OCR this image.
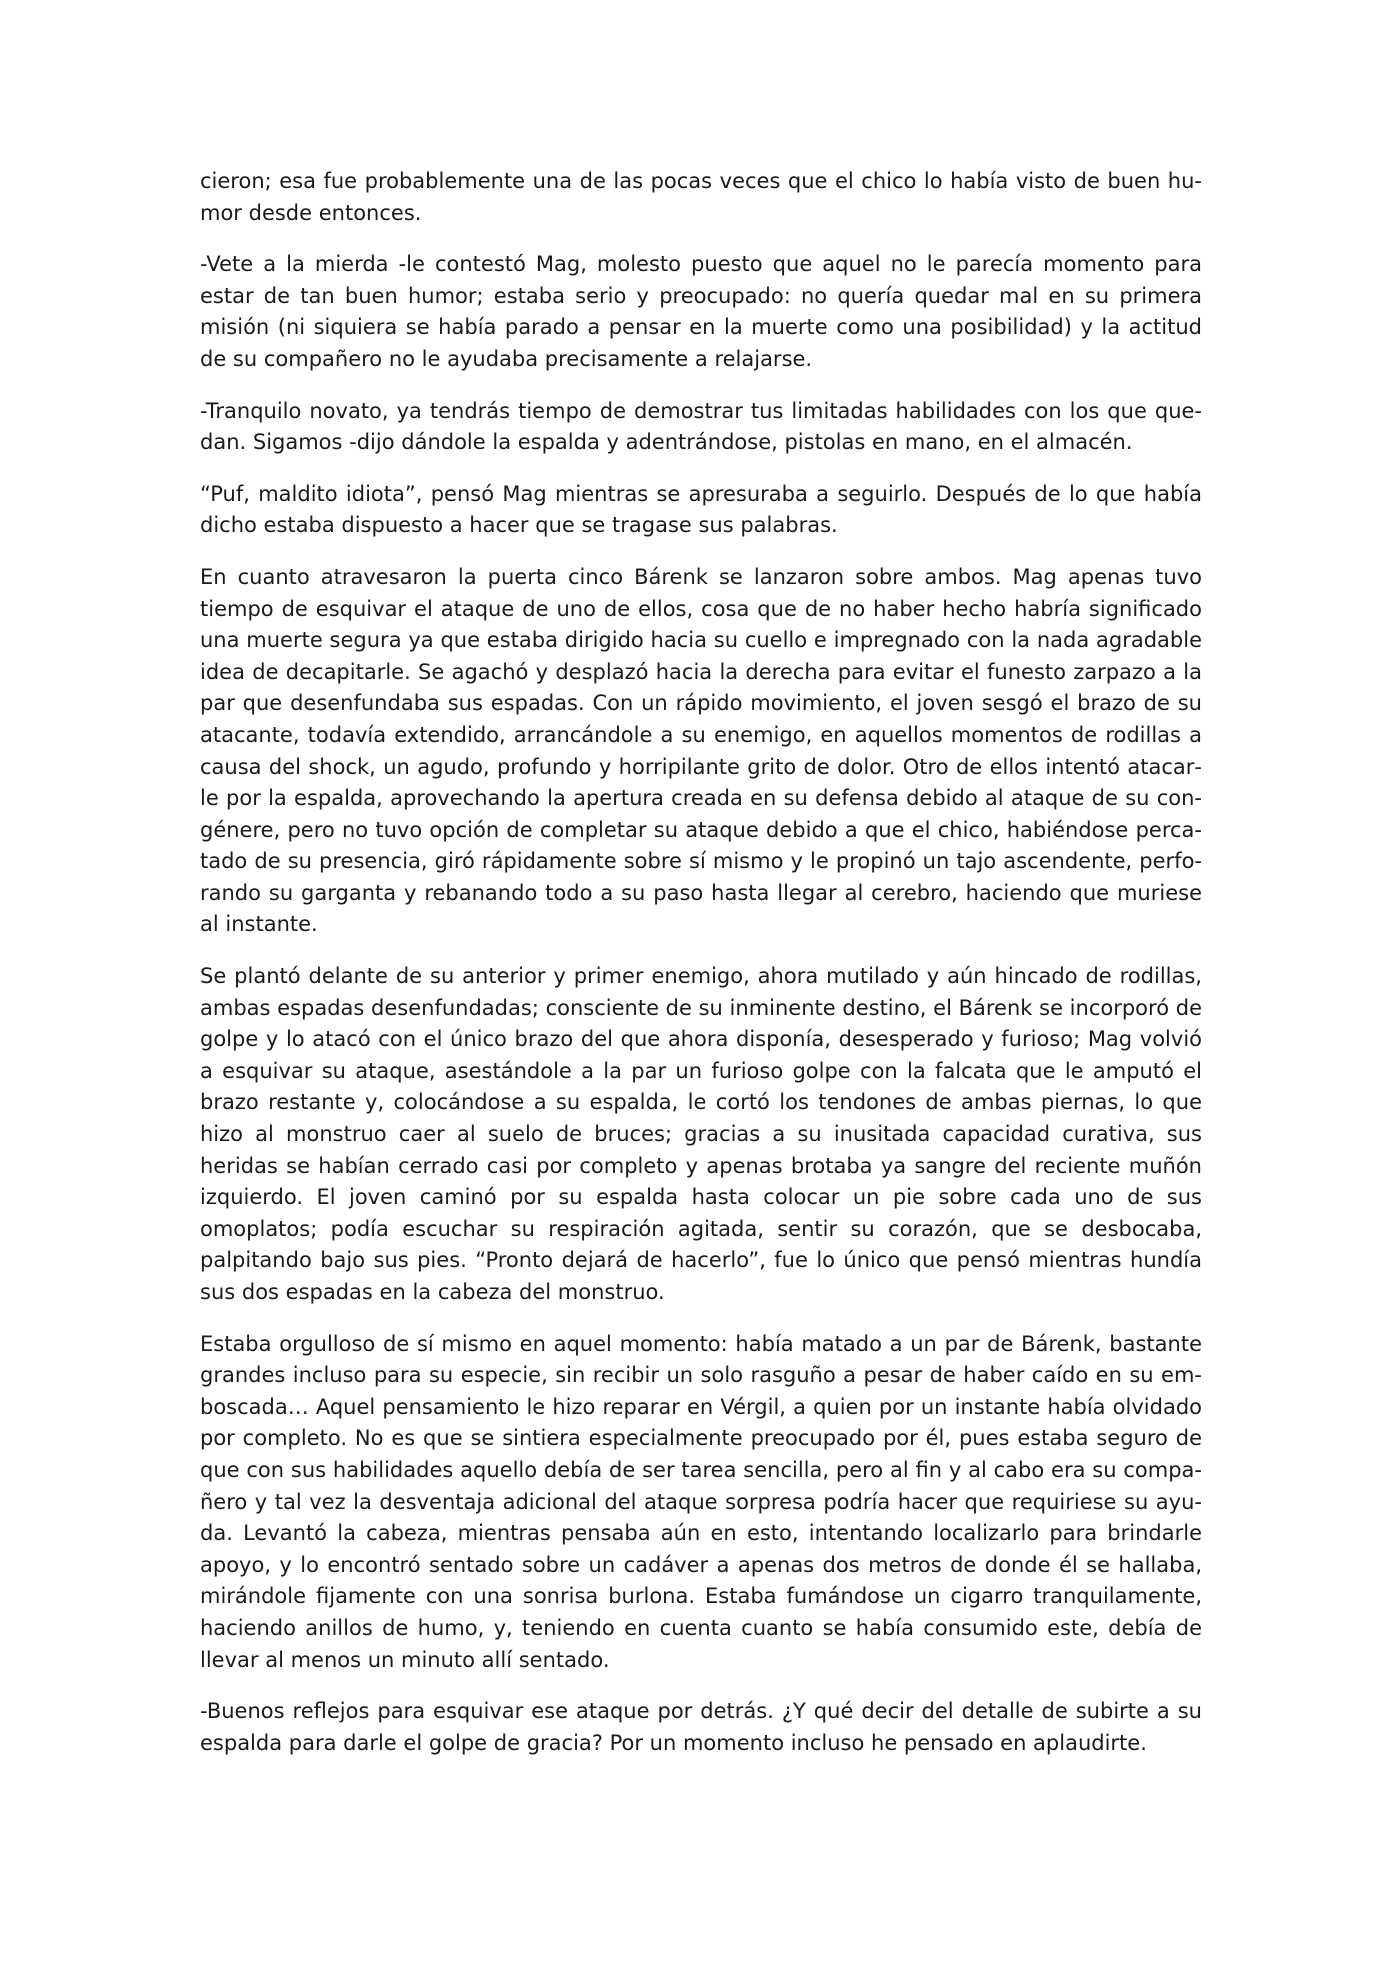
cieron; esa fue probablemente una de las pocas veces que el chico lo había visto de buen humor desde entonces.

-Vete a la mierda -le contestó Mag, molesto puesto que aquel no le parecía momento para estar de tan buen humor; estaba serio y preocupado: no quería quedar mal en su primera misión (ni siquiera se había parado a pensar en la muerte como una posibilidad) y la actitud de su compañero no le ayudaba precisamente a relajarse.

-Tranquilo novato, ya tendrás tiempo de demostrar tus limitadas habilidades con los que quedan. Sigamos -dijo dándole la espalda y adentrándose, pistolas en mano, en el almacén.

“Puf, maldito idiota”, pensó Mag mientras se apresuraba a seguirlo. Después de lo que había dicho estaba dispuesto a hacer que se tragase sus palabras.

En cuanto atravesaron la puerta cinco Bárenk se lanzaron sobre ambos. Mag apenas tuvo tiempo de esquivar el ataque de uno de ellos, cosa que de no haber hecho habría significado una muerte segura ya que estaba dirigido hacia su cuello e impregnado con la nada agradable idea de decapitarle. Se agachó y desplazó hacia la derecha para evitar el funesto zarpazo a la par que desenfundaba sus espadas. Con un rápido movimiento, el joven sesgó el brazo de su atacante, todavía extendido, arrancándole a su enemigo, en aquellos momentos de rodillas a causa del shock, un agudo, profundo y horripilante grito de dolor. Otro de ellos intentó atacarle por la espalda, aprovechando la apertura creada en su defensa debido al ataque de su congénere, pero no tuvo opción de completar su ataque debido a que el chico, habiéndose percatado de su presencia, giró rápidamente sobre sí mismo y le propinó un tajo ascendente, perforando su garganta y rebanando todo a su paso hasta llegar al cerebro, haciendo que muriese al instante.

Se plantó delante de su anterior y primer enemigo, ahora mutilado y aún hincado de rodillas, ambas espadas desenfundadas; consciente de su inminente destino, el Bárenk se incorporó de golpe y lo atacó con el único brazo del que ahora disponía, desesperado y furioso; Mag volvió a esquivar su ataque, asestándole a la par un furioso golpe con la falcata que le amputó el brazo restante y, colocándose a su espalda, le cortó los tendones de ambas piernas, lo que hizo al monstruo caer al suelo de bruces; gracias a su inusitada capacidad curativa, sus heridas se habían cerrado casi por completo y apenas brotaba ya sangre del reciente muñón izquierdo. El joven caminó por su espalda hasta colocar un pie sobre cada uno de sus omoplatos; podía escuchar su respiración agitada, sentir su corazón, que se desbocaba, palpitando bajo sus pies. “Pronto dejará de hacerlo”, fue lo único que pensó mientras hundía sus dos espadas en la cabeza del monstruo.

Estaba orgulloso de sí mismo en aquel momento: había matado a un par de Bárenk, bastante grandes incluso para su especie, sin recibir un solo rasguño a pesar de haber caído en su emboscada… Aquel pensamiento le hizo reparar en Vérgil, a quien por un instante había olvidado por completo. No es que se sintiera especialmente preocupado por él, pues estaba seguro de que con sus habilidades aquello debía de ser tarea sencilla, pero al fin y al cabo era su compañero y tal vez la desventaja adicional del ataque sorpresa podría hacer que requiriese su ayuda. Levantó la cabeza, mientras pensaba aún en esto, intentando localizarlo para brindarle apoyo, y lo encontró sentado sobre un cadáver a apenas dos metros de donde él se hallaba, mirándole fijamente con una sonrisa burlona. Estaba fumándose un cigarro tranquilamente, haciendo anillos de humo, y, teniendo en cuenta cuanto se había consumido este, debía de llevar al menos un minuto allí sentado.

-Buenos reflejos para esquivar ese ataque por detrás. ¿Y qué decir del detalle de subirte a su espalda para darle el golpe de gracia? Por un momento incluso he pensado en aplaudirte.
